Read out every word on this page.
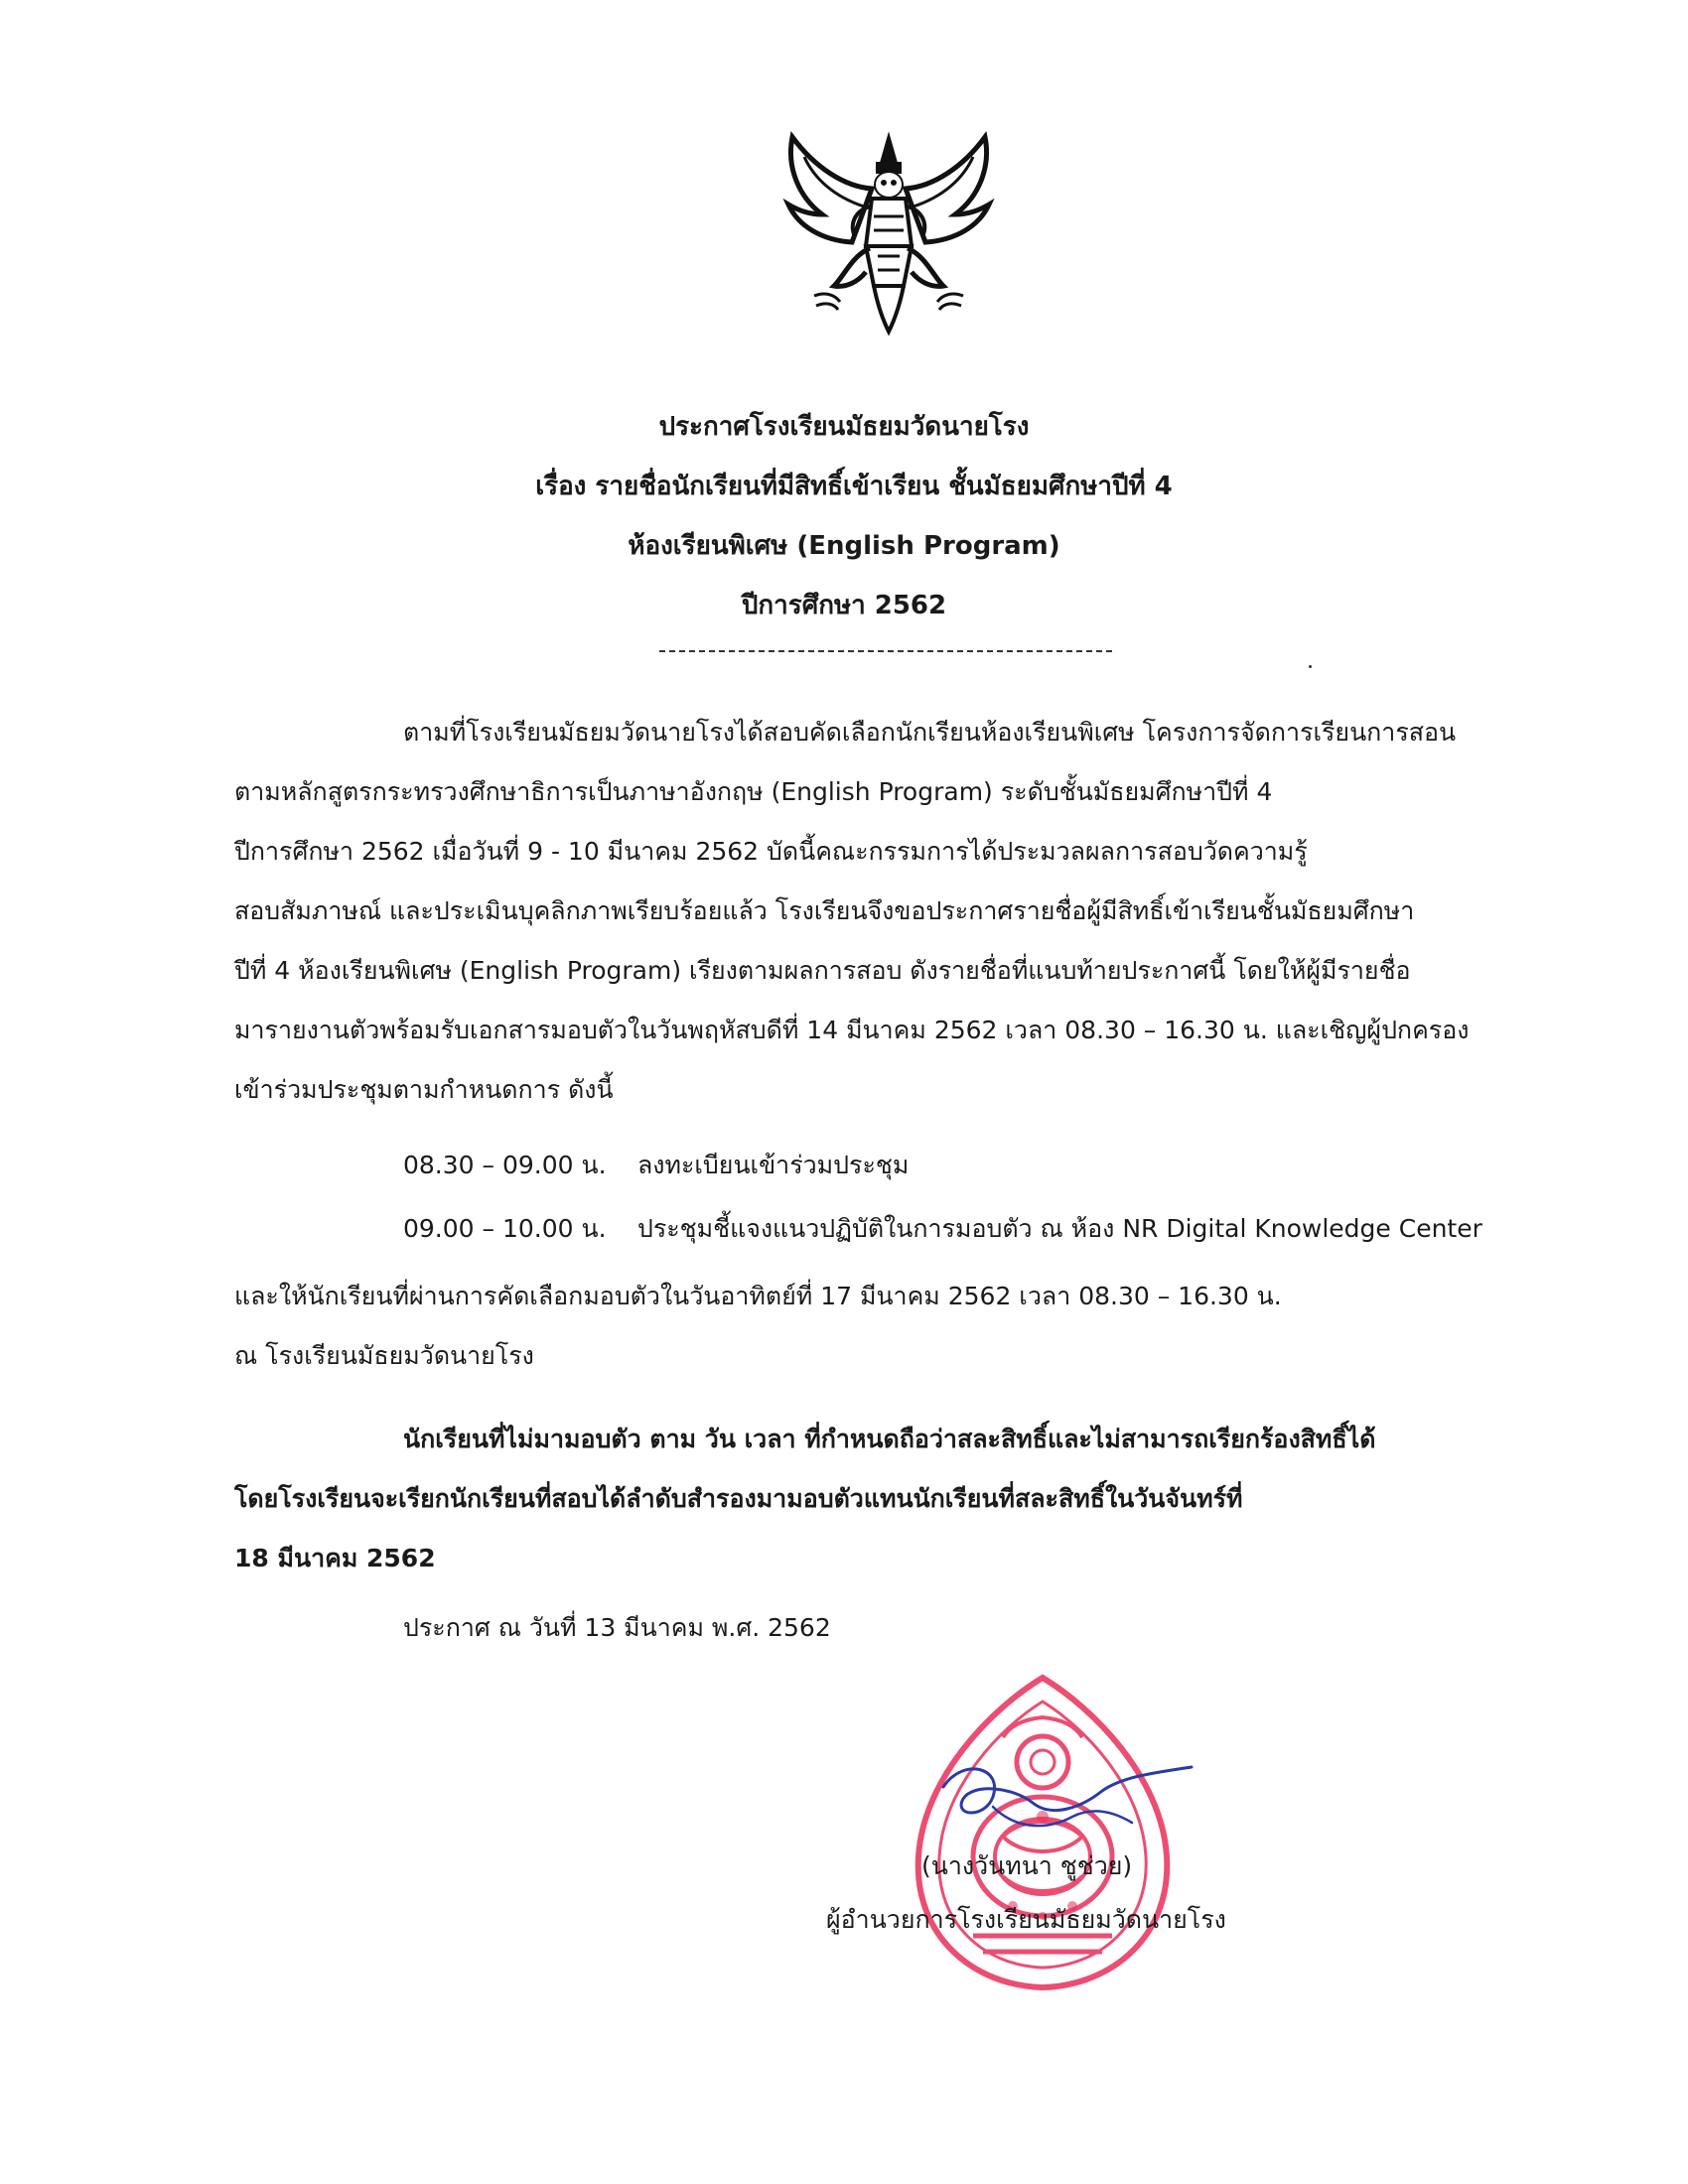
ประกาศโรงเรียนมัธยมวัดนายโรง
เรื่อง รายชื่อนักเรียนที่มีสิทธิ์เข้าเรียน ชั้นมัธยมศึกษาปีที่ 4
ห้องเรียนพิเศษ (English Program)
ปีการศึกษา 2562
ตามที่โรงเรียนมัธยมวัดนายโรงได้สอบคัดเลือกนักเรียนห้องเรียนพิเศษ โครงการจัดการเรียนการสอน
ตามหลักสูตรกระทรวงศึกษาธิการเป็นภาษาอังกฤษ (English Program) ระดับชั้นมัธยมศึกษาปีที่ 4
ปีการศึกษา 2562 เมื่อวันที่ 9 - 10 มีนาคม 2562 บัดนี้คณะกรรมการได้ประมวลผลการสอบวัดความรู้
สอบสัมภาษณ์ และประเมินบุคลิกภาพเรียบร้อยแล้ว โรงเรียนจึงขอประกาศรายชื่อผู้มีสิทธิ์เข้าเรียนชั้นมัธยมศึกษา
ปีที่ 4 ห้องเรียนพิเศษ (English Program) เรียงตามผลการสอบ ดังรายชื่อที่แนบท้ายประกาศนี้ โดยให้ผู้มีรายชื่อ
มารายงานตัวพร้อมรับเอกสารมอบตัวในวันพฤหัสบดีที่ 14 มีนาคม 2562 เวลา 08.30 – 16.30 น. และเชิญผู้ปกครอง
เข้าร่วมประชุมตามกำหนดการ ดังนี้
08.30 – 09.00 น. ลงทะเบียนเข้าร่วมประชุม
09.00 – 10.00 น. ประชุมชี้แจงแนวปฏิบัติในการมอบตัว ณ ห้อง NR Digital Knowledge Center
และให้นักเรียนที่ผ่านการคัดเลือกมอบตัวในวันอาทิตย์ที่ 17 มีนาคม 2562 เวลา 08.30 – 16.30 น.
ณ โรงเรียนมัธยมวัดนายโรง
นักเรียนที่ไม่มามอบตัว ตาม วัน เวลา ที่กำหนดถือว่าสละสิทธิ์และไม่สามารถเรียกร้องสิทธิ์ได้
โดยโรงเรียนจะเรียกนักเรียนที่สอบได้ลำดับสำรองมามอบตัวแทนนักเรียนที่สละสิทธิ์ในวันจันทร์ที่
18 มีนาคม 2562
ประกาศ ณ วันที่ 13 มีนาคม พ.ศ. 2562
(นางวันทนา ชูช่วย)
ผู้อำนวยการโรงเรียนมัธยมวัดนายโรง
